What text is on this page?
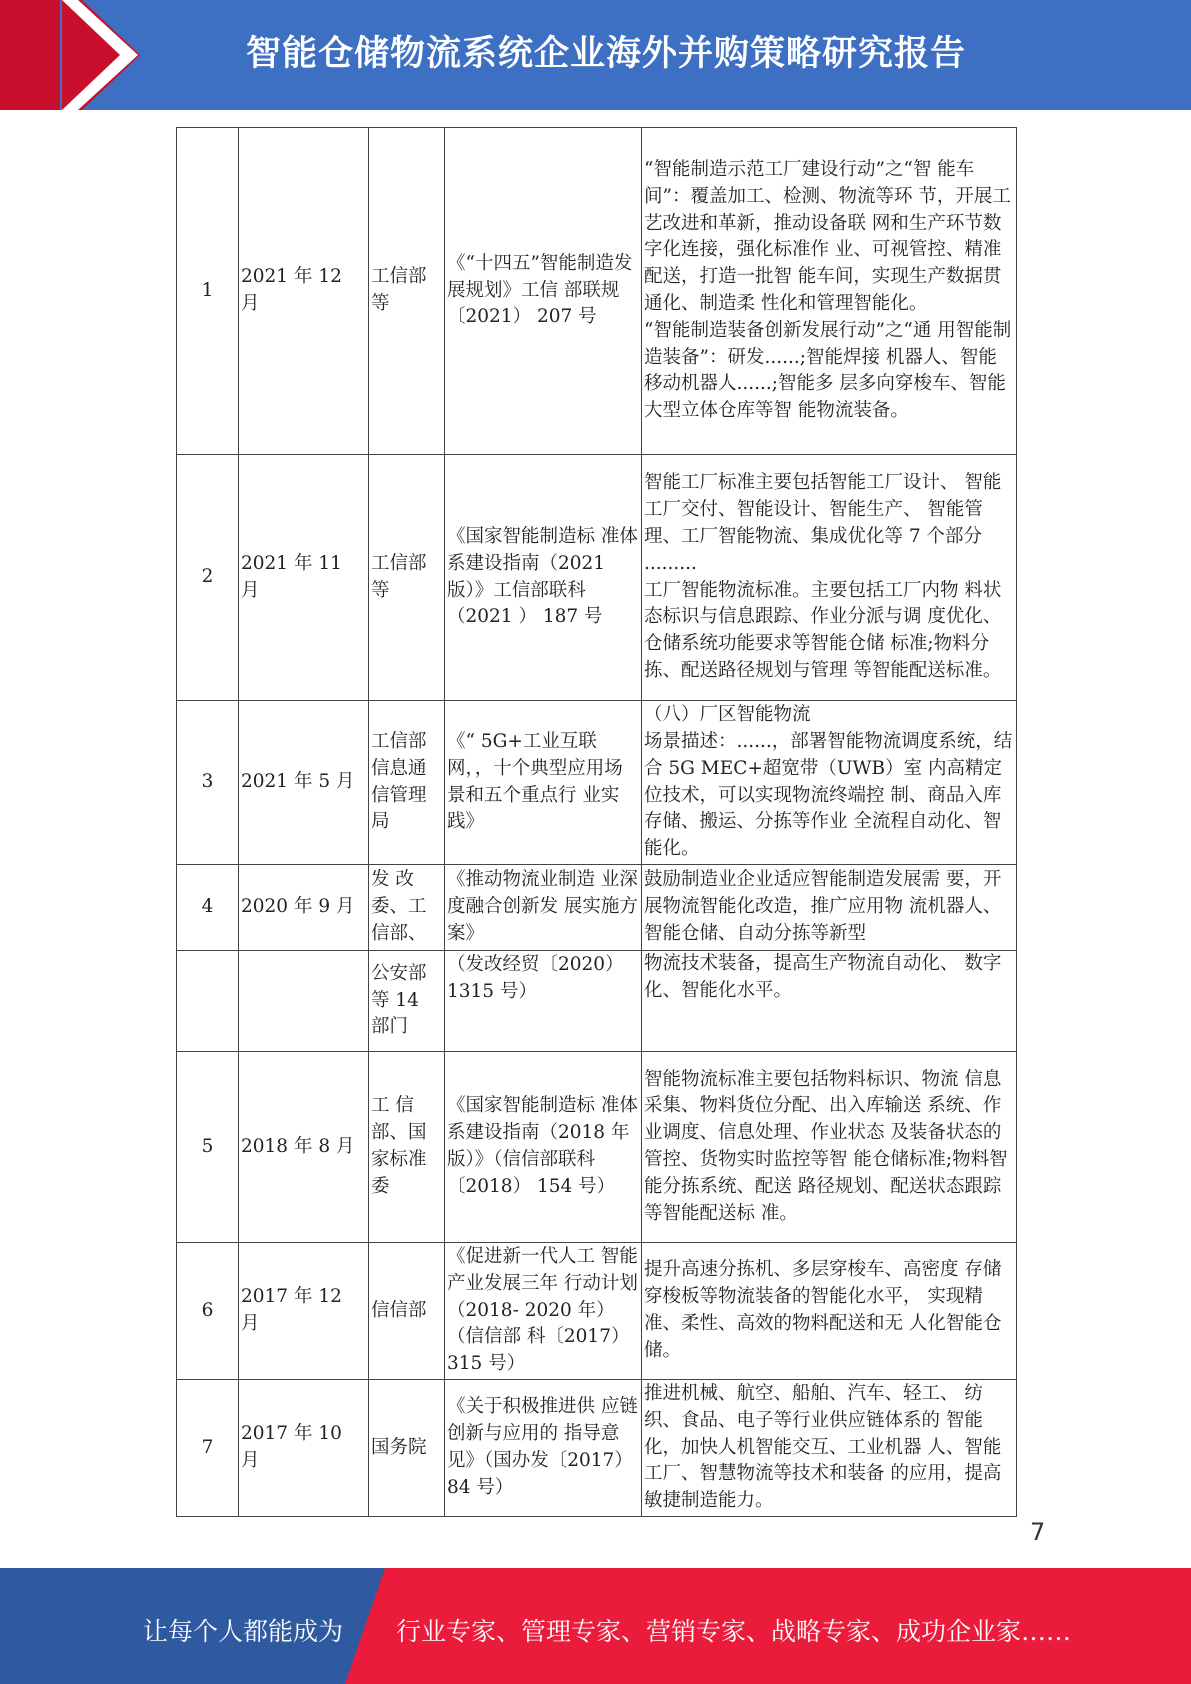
智能仓储物流系统企业海外并购策略研究报告
1	2021 年 12 月	工信部等	《“十四五”智能制造发展规划》工信 部联规〔2021） 207 号	“智能制造示范工厂建设行动”之“智 能车间”：覆盖加工、检测、物流等环 节，开展工艺改进和革新，推动设备联 网和生产环节数字化连接，强化标准作 业、可视管控、精准配送，打造一批智 能车间，实现生产数据贯通化、制造柔 性化和管理智能化。
“智能制造装备创新发展行动”之“通 用智能制造装备”：研发......;智能焊接 机器人、智能移动机器人......;智能多 层多向穿梭车、智能大型立体仓库等智 能物流装备。

2	2021 年 11 月	工信部等	《国家智能制造标 准体系建设指南（2021 版）》工信部联科（2021 ） 187 号	智能工厂标准主要包括智能工厂设计、 智能工厂交付、智能设计、智能生产、 智能管理、工厂智能物流、集成优化等 7 个部分 .........
工厂智能物流标准。主要包括工厂内物 料状态标识与信息跟踪、作业分派与调 度优化、仓储系统功能要求等智能仓储 标准;物料分拣、配送路径规划与管理 等智能配送标准。

3	2021 年 5 月	工信部信息通信管理局	《“ 5G+工业互联网，，十个典型应用场景和五个重点行 业实践》	（八）厂区智能物流
场景描述：......，部署智能物流调度系统，结合 5G MEC+超宽带（UWB）室 内高精定位技术，可以实现物流终端控 制、商品入库存储、搬运、分拣等作业 全流程自动化、智能化。

4	2020 年 9 月	发 改委、工信部、	《推动物流业制造 业深度融合创新发 展实施方案》	鼓励制造业企业适应智能制造发展需 要，开展物流智能化改造，推广应用物 流机器人、智能仓储、自动分拣等新型
		公安部等 14 部门	（发改经贸〔2020） 1315 号）	物流技术装备，提高生产物流自动化、 数字化、智能化水平。
5	2018 年 8 月	工 信部、国家标准委	《国家智能制造标 准体系建设指南（2018 年版）》（信信部联科〔2018） 154 号）	智能物流标准主要包括物料标识、物流 信息采集、物料货位分配、出入库输送 系统、作业调度、信息处理、作业状态 及装备状态的管控、货物实时监控等智 能仓储标准;物料智能分拣系统、配送 路径规划、配送状态跟踪等智能配送标 准。
6	2017 年 12 月	信信部	《促进新一代人工 智能产业发展三年 行动计划（2018- 2020 年）（信信部 科〔2017） 315 号）	提升高速分拣机、多层穿梭车、高密度 存储穿梭板等物流装备的智能化水平， 实现精准、柔性、高效的物料配送和无 人化智能仓储。
7	2017 年 10 月	国务院	《关于积极推进供 应链创新与应用的 指导意见》（国办发〔2017） 84 号）	推进机械、航空、船舶、汽车、轻工、 纺织、食品、电子等行业供应链体系的 智能化，加快人机智能交互、工业机器 人、智能工厂、智慧物流等技术和装备 的应用，提高敏捷制造能力。
7
让每个人都能成为 行业专家、管理专家、营销专家、战略专家、成功企业家……
